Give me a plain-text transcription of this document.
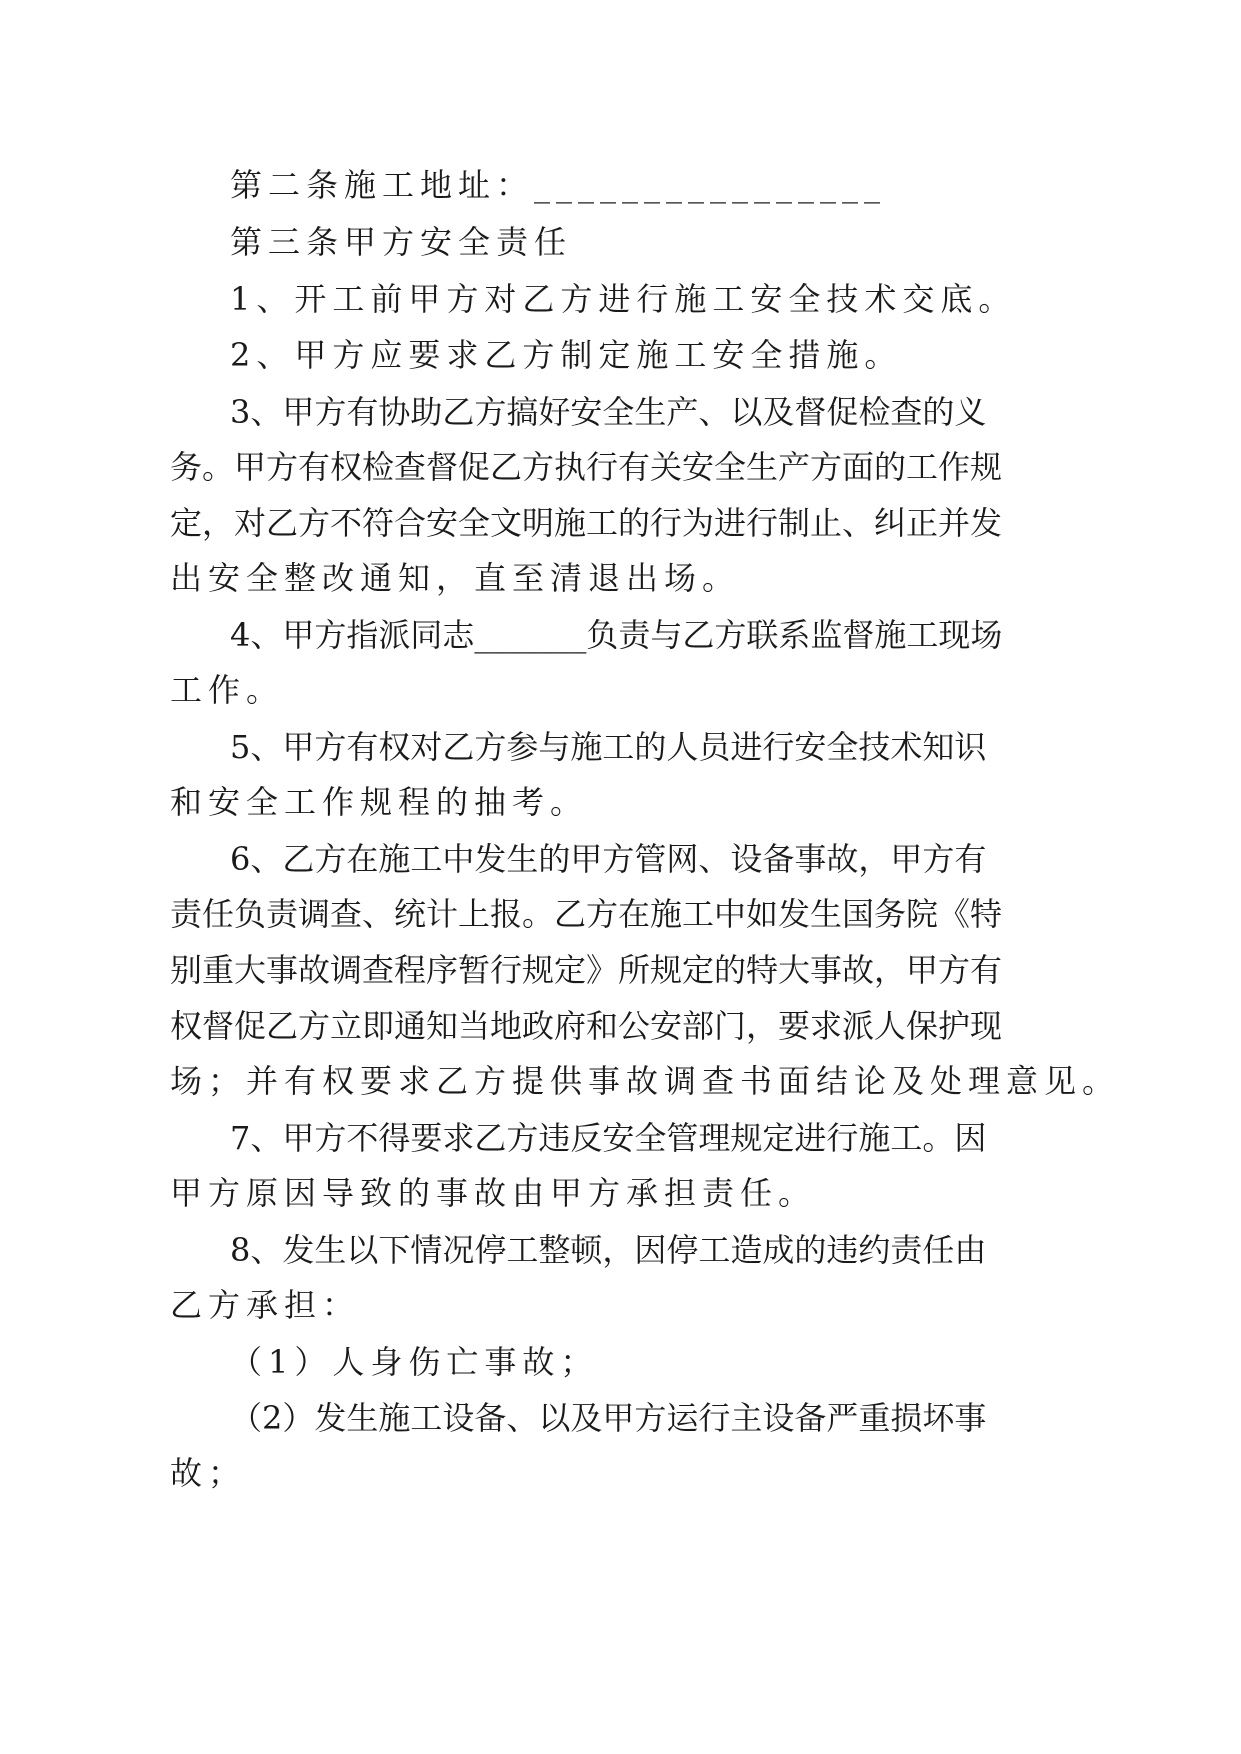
第二条施工地址：________________
第三条甲方安全责任
1、开工前甲方对乙方进行施工安全技术交底。
2、甲方应要求乙方制定施工安全措施。
3、甲方有协助乙方搞好安全生产、以及督促检查的义
务。甲方有权检查督促乙方执行有关安全生产方面的工作规
定，对乙方不符合安全文明施工的行为进行制止、纠正并发
出安全整改通知，直至清退出场。
4、甲方指派同志_______负责与乙方联系监督施工现场
工作。
5、甲方有权对乙方参与施工的人员进行安全技术知识
和安全工作规程的抽考。
6、乙方在施工中发生的甲方管网、设备事故，甲方有
责任负责调查、统计上报。乙方在施工中如发生国务院《特
别重大事故调查程序暂行规定》所规定的特大事故，甲方有
权督促乙方立即通知当地政府和公安部门，要求派人保护现
场；并有权要求乙方提供事故调查书面结论及处理意见。
7、甲方不得要求乙方违反安全管理规定进行施工。因
甲方原因导致的事故由甲方承担责任。
8、发生以下情况停工整顿，因停工造成的违约责任由
乙方承担：
（1）人身伤亡事故；
（2）发生施工设备、以及甲方运行主设备严重损坏事
故；
